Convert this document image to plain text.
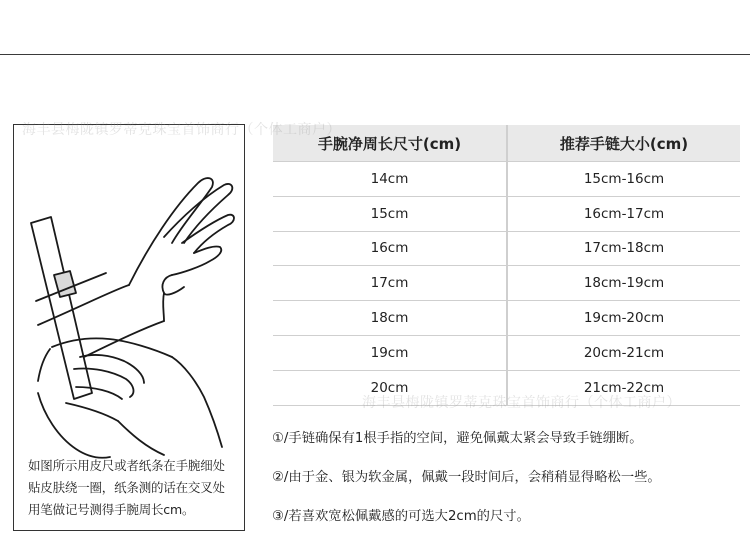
如图所示用皮尺或者纸条在手腕细处贴皮肤绕一圈，纸条测的话在交叉处用笔做记号测得手腕周长cm。
手腕净周长尺寸(cm)	推荐手链大小(cm)
14cm	15cm-16cm
15cm	16cm-17cm
16cm	17cm-18cm
17cm	18cm-19cm
18cm	19cm-20cm
19cm	20cm-21cm
20cm	21cm-22cm
①/手链确保有1根手指的空间，避免佩戴太紧会导致手链绷断。
②/由于金、银为软金属，佩戴一段时间后，会稍稍显得略松一些。
③/若喜欢宽松佩戴感的可选大2cm的尺寸。
海丰县梅陇镇罗蒂克珠宝首饰商行（个体工商户）
海丰县梅陇镇罗蒂克珠宝首饰商行（个体工商户）
